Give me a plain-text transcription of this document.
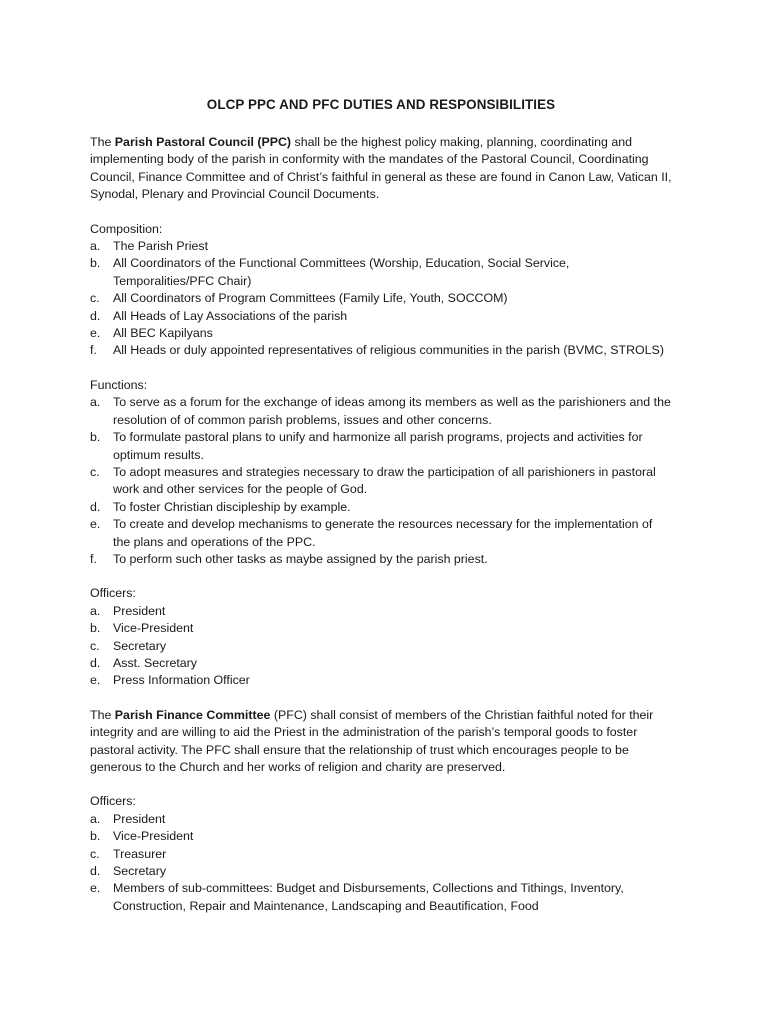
OLCP PPC AND PFC DUTIES AND RESPONSIBILITIES

The Parish Pastoral Council (PPC) shall be the highest policy making, planning, coordinating and implementing body of the parish in conformity with the mandates of the Pastoral Council, Coordinating Council, Finance Committee and of Christ’s faithful in general as these are found in Canon Law, Vatican II, Synodal, Plenary and Provincial Council Documents.

Composition:

a. The Parish Priest
b. All Coordinators of the Functional Committees (Worship, Education, Social Service, Temporalities/PFC Chair)
c. All Coordinators of Program Committees (Family Life, Youth, SOCCOM)
d. All Heads of Lay Associations of the parish
e. All BEC Kapilyans
f. All Heads or duly appointed representatives of religious communities in the parish (BVMC, STROLS)

Functions:

a. To serve as a forum for the exchange of ideas among its members as well as the parishioners and the resolution of of common parish problems, issues and other concerns.
b. To formulate pastoral plans to unify and harmonize all parish programs, projects and activities for optimum results.
c. To adopt measures and strategies necessary to draw the participation of all parishioners in pastoral work and other services for the people of God.
d. To foster Christian discipleship by example.
e. To create and develop mechanisms to generate the resources necessary for the implementation of the plans and operations of the PPC.
f. To perform such other tasks as maybe assigned by the parish priest.

Officers:

a. President
b. Vice-President
c. Secretary
d. Asst. Secretary
e. Press Information Officer

The Parish Finance Committee (PFC) shall consist of members of the Christian faithful noted for their integrity and are willing to aid the Priest in the administration of the parish’s temporal goods to foster pastoral activity. The PFC shall ensure that the relationship of trust which encourages people to be generous to the Church and her works of religion and charity are preserved.

Officers:

a. President
b. Vice-President
c. Treasurer
d. Secretary
e. Members of sub-committees: Budget and Disbursements, Collections and Tithings, Inventory, Construction, Repair and Maintenance, Landscaping and Beautification, Food
